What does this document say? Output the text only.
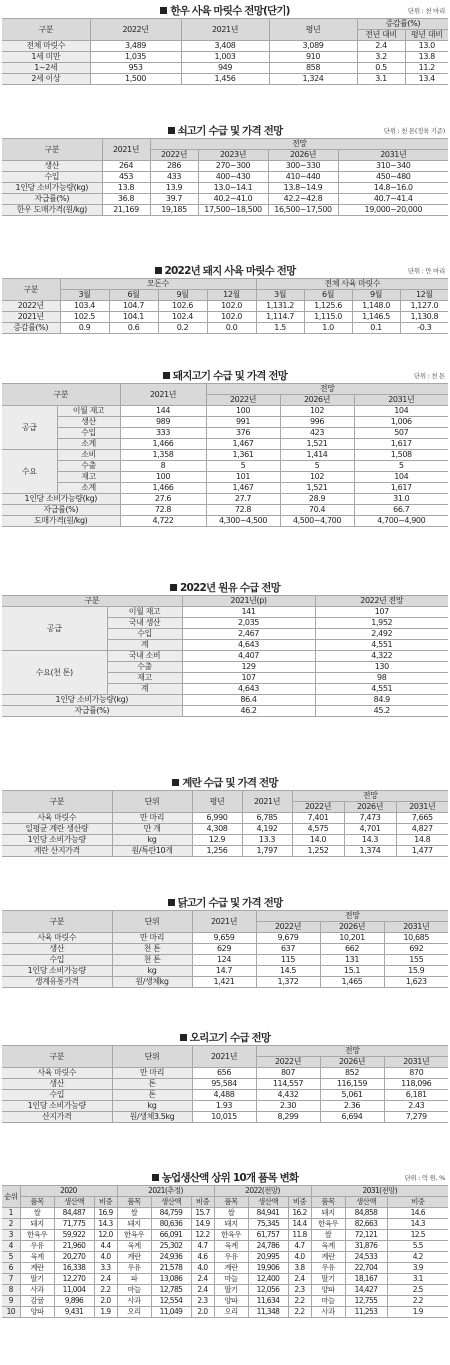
한우 사육 마릿수 전망(단기)	단위 : 천 마리
구분	2022년	2021년	평년	증감률(%)	
				전년 대비	평년 대비
전체 마릿수	3,489	3,408	3,089	2.4	13.0
1세 미만	1,035	1,003	910	3.2	13.8
1~2세	953	949	858	0.5	11.2
2세 이상	1,500	1,456	1,324	3.1	13.4
쇠고기 수급 및 가격 전망	단위 : 천 톤(정육 기준)
구분	2021년	전망			
		2022년	2023년	2026년	2031년
생산	264	286	270~300	300~330	310~340
수입	453	433	400~430	410~440	450~480
1인당 소비가능량(kg)	13.8	13.9	13.0~14.1	13.8~14.9	14.8~16.0
자급률(%)	36.8	39.7	40.2~41.0	42.2~42.8	40.7~41.4
한우 도매가격(원/kg)	21,169	19,185	17,500~18,500	16,500~17,500	19,000~20,000
2022년 돼지 사육 마릿수 전망	단위 : 만 마리
구분	모돈수				전체 사육 마릿수			
	3월	6월	9월	12월	3월	6월	9월	12월
2022년	103.4	104.7	102.6	102.0	1,131.2	1,125.6	1,148.0	1,127.0
2021년	102.5	104.1	102.4	102.0	1,114.7	1,115.0	1,146.5	1,130.8
증감률(%)	0.9	0.6	0.2	0.0	1.5	1.0	0.1	-0.3
돼지고기 수급 및 가격 전망	단위 : 천 톤
구분		2021년	전망		
			2022년	2026년	2031년
공급	이월 재고	144	100	102	104
	생산	989	991	996	1,006
	수입	333	376	423	507
	소계	1,466	1,467	1,521	1,617
수요	소비	1,358	1,361	1,414	1,508
	수출	8	5	5	5
	재고	100	101	102	104
	소계	1,466	1,467	1,521	1,617
1인당 소비가능량(kg)		27.6	27.7	28.9	31.0
자급률(%)		72.8	72.8	70.4	66.7
도매가격(원/kg)		4,722	4,300~4,500	4,500~4,700	4,700~4,900
2022년 원유 수급 전망
구분		2021년(p)	2022년 전망
공급	이월 재고	141	107
	국내 생산	2,035	1,952
	수입	2,467	2,492
	계	4,643	4,551
수요(천 톤)	국내 소비	4,407	4,322
	수출	129	130
	재고	107	98
	계	4,643	4,551
1인당 소비가능량(kg)		86.4	84.9
자급률(%)		46.2	45.2
계란 수급 및 가격 전망
구분	단위	평년	2021년	전망		
				2022년	2026년	2031년
사육 마릿수	만 마리	6,990	6,785	7,401	7,473	7,665
일평균 계란 생산량	만 개	4,308	4,192	4,575	4,701	4,827
1인당 소비가능량	kg	12.9	13.3	14.0	14.3	14.8
계란 산지가격	원/특란10개	1,256	1,797	1,252	1,374	1,477
닭고기 수급 및 가격 전망
구분	단위	2021년	전망		
			2022년	2026년	2031년
사육 마릿수	만 마리	9,659	9,679	10,201	10,685
생산	천 톤	629	637	662	692
수입	천 톤	124	115	131	155
1인당 소비가능량	kg	14.7	14.5	15.1	15.9
생계유통가격	원/생체kg	1,421	1,372	1,465	1,623
오리고기 수급 전망
구분	단위	2021년	전망		
			2022년	2026년	2031년
사육 마릿수	만 마리	656	807	852	870
생산	톤	95,584	114,557	116,159	118,096
수입	톤	4,488	4,432	5,061	6,181
1인당 소비가능량	kg	1.93	2.30	2.36	2.43
산지가격	원/생체3.5kg	10,015	8,299	6,694	7,279
농업생산액 상위 10개 품목 변화	단위 : 억 원, %
순위	2020			2021(추정)			2022(전망)			2031(전망)		
	품목	생산액	비중	품목	생산액	비중	품목	생산액	비중	품목	생산액	비중
1	쌀	84,487	16.9	쌀	84,759	15.7	쌀	84,941	16.2	돼지	84,858	14.6
2	돼지	71,775	14.3	돼지	80,636	14.9	돼지	75,345	14.4	한육우	82,663	14.3
3	한육우	59,922	12.0	한육우	66,091	12.2	한육우	61,757	11.8	쌀	72,121	12.5
4	우유	21,960	4.4	육계	25,302	4.7	육계	24,786	4.7	육계	31,876	5.5
5	육계	20,270	4.0	계란	24,936	4.6	우유	20,995	4.0	계란	24,533	4.2
6	계란	16,338	3.3	우유	21,578	4.0	계란	19,906	3.8	우유	22,704	3.9
7	딸기	12,270	2.4	파	13,086	2.4	마늘	12,400	2.4	딸기	18,167	3.1
8	사과	11,004	2.2	마늘	12,785	2.4	딸기	12,056	2.3	양파	14,427	2.5
9	감귤	9,896	2.0	사과	12,554	2.3	양파	11,634	2.2	마늘	12,755	2.2
10	양파	9,431	1.9	오리	11,049	2.0	오리	11,348	2.2	사과	11,253	1.9
